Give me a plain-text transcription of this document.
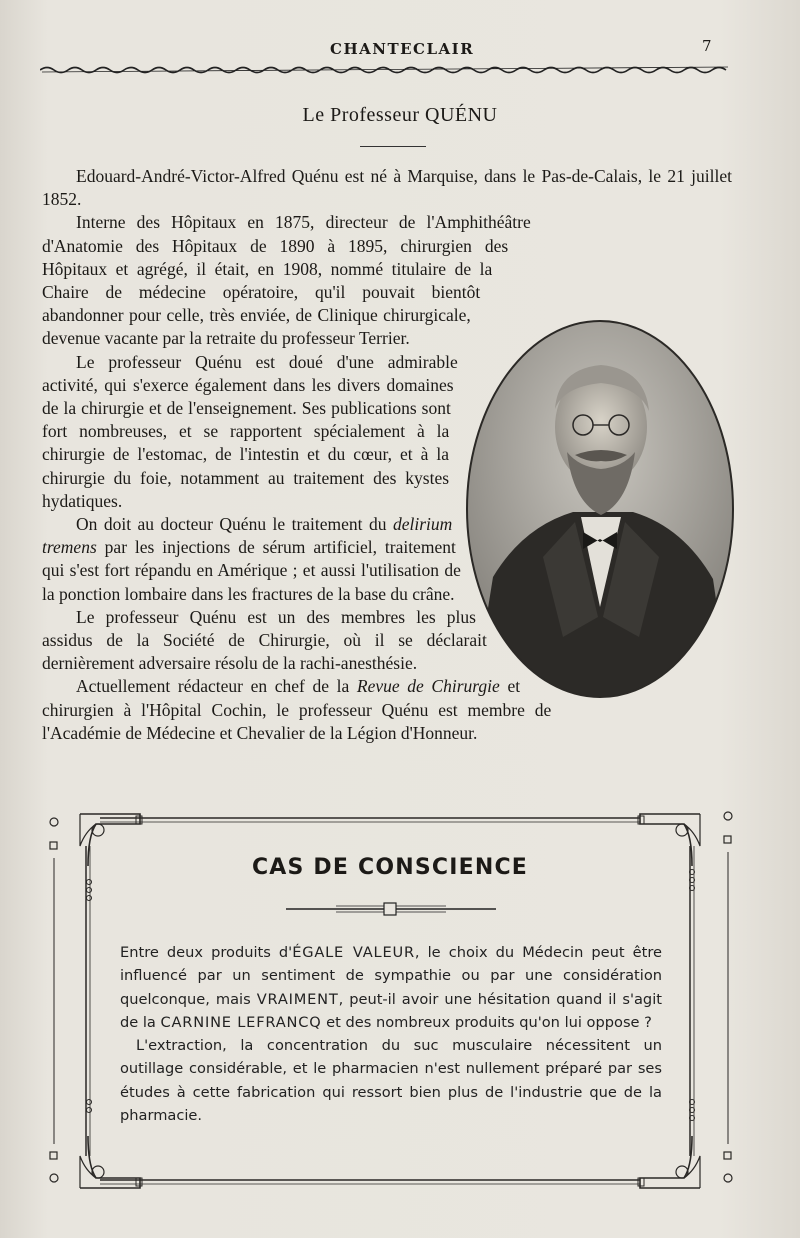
CHANTECLAIR	7
Le Professeur QUÉNU

Edouard-André-Victor-Alfred Quénu est né à Marquise, dans le Pas-de-Calais, le 21 juillet 1852.

Interne des Hôpitaux en 1875, directeur de l'Amphithéâtre d'Anatomie des Hôpitaux de 1890 à 1895, chirurgien des Hôpitaux et agrégé, il était, en 1908, nommé titulaire de la Chaire de médecine opératoire, qu'il pouvait bientôt abandonner pour celle, très enviée, de Clinique chirurgicale, devenue vacante par la retraite du professeur Terrier.

Le professeur Quénu est doué d'une admirable activité, qui s'exerce également dans les divers domaines de la chirurgie et de l'enseignement. Ses publications sont fort nombreuses, et se rapportent spécialement à la chirurgie de l'estomac, de l'intestin et du cœur, et à la chirurgie du foie, notamment au traitement des kystes hydatiques.

On doit au docteur Quénu le traitement du delirium tremens par les injections de sérum artificiel, traitement qui s'est fort répandu en Amérique ; et aussi l'utilisation de la ponction lombaire dans les fractures de la base du crâne.

Le professeur Quénu est un des membres les plus assidus de la Société de Chirurgie, où il se déclarait dernièrement adversaire résolu de la rachi-anesthésie.

Actuellement rédacteur en chef de la Revue de Chirurgie et chirurgien à l'Hôpital Cochin, le professeur Quénu est membre de l'Académie de Médecine et Chevalier de la Légion d'Honneur.

CAS DE CONSCIENCE

Entre deux produits d'ÉGALE VALEUR, le choix du Médecin peut être influencé par un sentiment de sympathie ou par une considération quelconque, mais VRAIMENT, peut-il avoir une hésitation quand il s'agit de la CARNINE LEFRANCQ et des nombreux produits qu'on lui oppose ?

L'extraction, la concentration du suc musculaire nécessitent un outillage considérable, et le pharmacien n'est nullement préparé par ses études à cette fabrication qui ressort bien plus de l'industrie que de la pharmacie.
